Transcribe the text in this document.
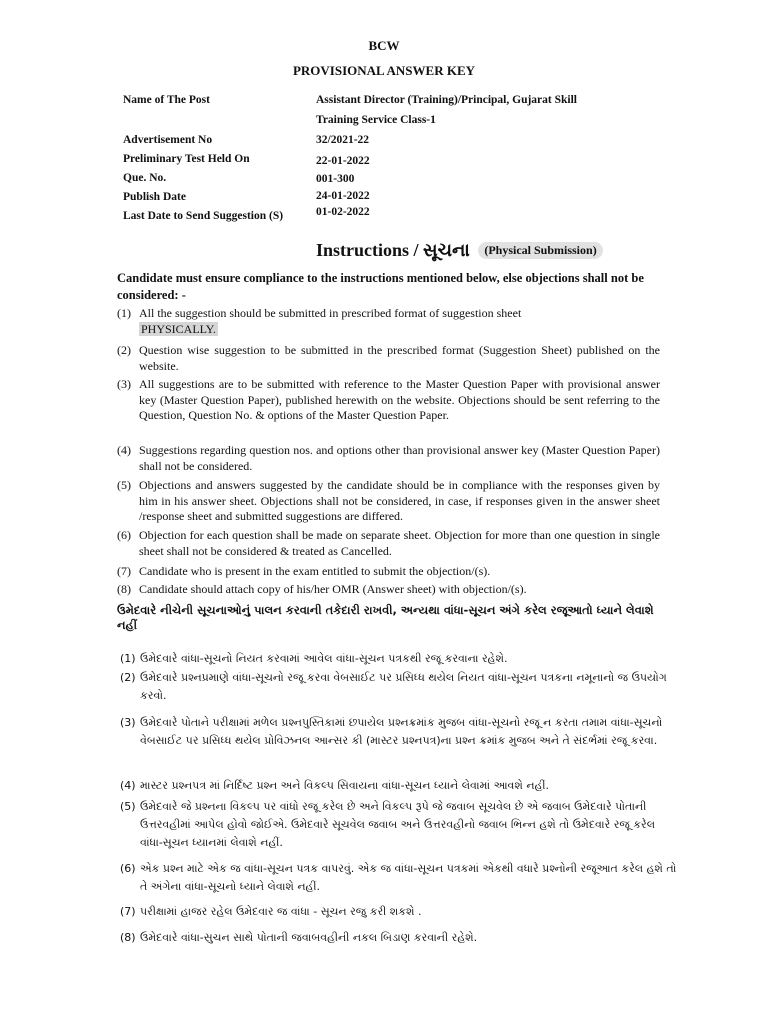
BCW
PROVISIONAL ANSWER KEY
Name of The Post	Assistant Director (Training)/Principal, Gujarat Skill Training Service Class-1
Advertisement No	32/2021-22
Preliminary Test Held On	22-01-2022
Que. No.	001-300
Publish Date	24-01-2022
Last Date to Send Suggestion (S)	01-02-2022
Instructions / સૂચના (Physical Submission)
Candidate must ensure compliance to the instructions mentioned below, else objections shall not be considered: -
(1) All the suggestion should be submitted in prescribed format of suggestion sheet
PHYSICALLY.
(2) Question wise suggestion to be submitted in the prescribed format (Suggestion Sheet) published on the website.
(3) All suggestions are to be submitted with reference to the Master Question Paper with provisional answer key (Master Question Paper), published herewith on the website. Objections should be sent referring to the Question, Question No. & options of the Master Question Paper.
(4) Suggestions regarding question nos. and options other than provisional answer key (Master Question Paper) shall not be considered.
(5) Objections and answers suggested by the candidate should be in compliance with the responses given by him in his answer sheet. Objections shall not be considered, in case, if responses given in the answer sheet /response sheet and submitted suggestions are differed.
(6) Objection for each question shall be made on separate sheet. Objection for more than one question in single sheet shall not be considered & treated as Cancelled.
(7) Candidate who is present in the exam entitled to submit the objection/(s).
(8) Candidate should attach copy of his/her OMR (Answer sheet) with objection/(s).
ઉમેદવારે નીચેની સૂચનાઓનું પાલન કરવાની તકેદારી રાખવી, અન્યથા વાંધા-સૂચન અંગે કરેલ રજૂઆતો ધ્યાને લેવાશે નહીં
(1) ઉમેદવારે વાંધા-સૂચનો નિયત કરવામાં આવેલ વાંધા-સૂચન પત્રકથી રજૂ કરવાના રહેશે.
(2) ઉમેદવારે પ્રશ્નપ્રમાણે વાંધા-સૂચનો રજૂ કરવા વેબસાઈટ પર પ્રસિધ્ધ થયેલ નિયત વાંધા-સૂચન પત્રકના નમૂનાનો જ ઉપયોગ કરવો.
(3) ઉમેદવારે પોતાને પરીક્ષામાં મળેલ પ્રશ્નપુસ્તિકામાં છપાયેલ પ્રશ્નક્રમાંક મુજબ વાંધા-સૂચનો રજૂ ન કરતા તમામ વાંધા-સૂચનો વેબસાઈટ પર પ્રસિધ્ધ થયેલ પ્રોવિઝનલ આન્સર કી (માસ્ટર પ્રશ્નપત્ર)ના પ્રશ્ન ક્રમાંક મુજબ અને તે સંદર્ભમાં રજૂ કરવા.
(4) માસ્ટર પ્રશ્નપત્ર માં નિર્દિષ્ટ પ્રશ્ન અને વિકલ્પ સિવાયના વાંધા-સૂચન ધ્યાને લેવામાં આવશે નહીં.
(5) ઉમેદવારે જે પ્રશ્નના વિકલ્પ પર વાંધો રજૂ કરેલ છે અને વિકલ્પ રૂપે જે જવાબ સૂચવેલ છે એ જવાબ ઉમેદવારે પોતાની ઉત્તરવહીમાં આપેલ હોવો જોઈએ. ઉમેદવારે સૂચવેલ જવાબ અને ઉત્તરવહીનો જવાબ ભિન્ન હશે તો ઉમેદવારે રજૂ કરેલ વાંધા-સૂચન ધ્યાનમાં લેવાશે નહીં.
(6) એક પ્રશ્ન માટે એક જ વાંધા-સૂચન પત્રક વાપરવું. એક જ વાંધા-સૂચન પત્રકમાં એકથી વધારે પ્રશ્નોની રજૂઆત કરેલ હશે તો તે અંગેના વાંધા-સૂચનો ધ્યાને લેવાશે નહીં.
(7) પરીક્ષામાં હાજર રહેલ ઉમેદવાર જ વાંધા - સૂચન રજુ કરી શકશે .
(8) ઉમેદવારે વાંધા-સુચન સાથે પોતાની જવાબવહીની નકલ બિડાણ કરવાની રહેશે.
